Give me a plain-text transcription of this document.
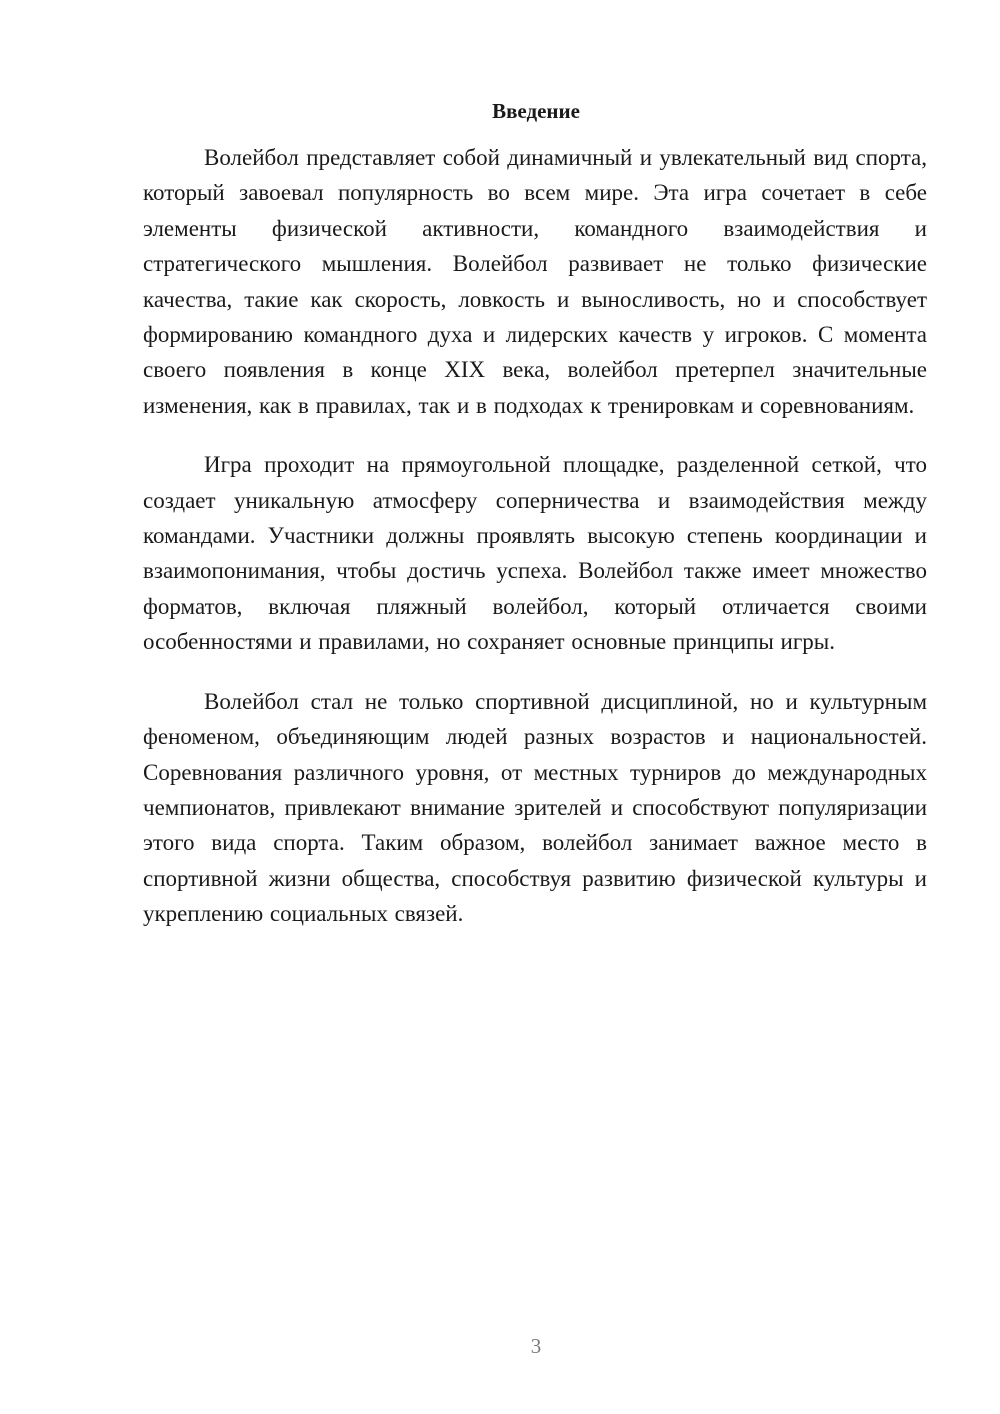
Введение

Волейбол представляет собой динамичный и увлекательный вид спорта, который завоевал популярность во всем мире. Эта игра сочетает в себе элементы физической активности, командного взаимодействия и стратегического мышления. Волейбол развивает не только физические качества, такие как скорость, ловкость и выносливость, но и способствует формированию командного духа и лидерских качеств у игроков. С момента своего появления в конце XIX века, волейбол претерпел значительные изменения, как в правилах, так и в подходах к тренировкам и соревнованиям.

Игра проходит на прямоугольной площадке, разделенной сеткой, что создает уникальную атмосферу соперничества и взаимодействия между командами. Участники должны проявлять высокую степень координации и взаимопонимания, чтобы достичь успеха. Волейбол также имеет множество форматов, включая пляжный волейбол, который отличается своими особенностями и правилами, но сохраняет основные принципы игры.

Волейбол стал не только спортивной дисциплиной, но и культурным феноменом, объединяющим людей разных возрастов и национальностей. Соревнования различного уровня, от местных турниров до международных чемпионатов, привлекают внимание зрителей и способствуют популяризации этого вида спорта. Таким образом, волейбол занимает важное место в спортивной жизни общества, способствуя развитию физической культуры и укреплению социальных связей.

3
